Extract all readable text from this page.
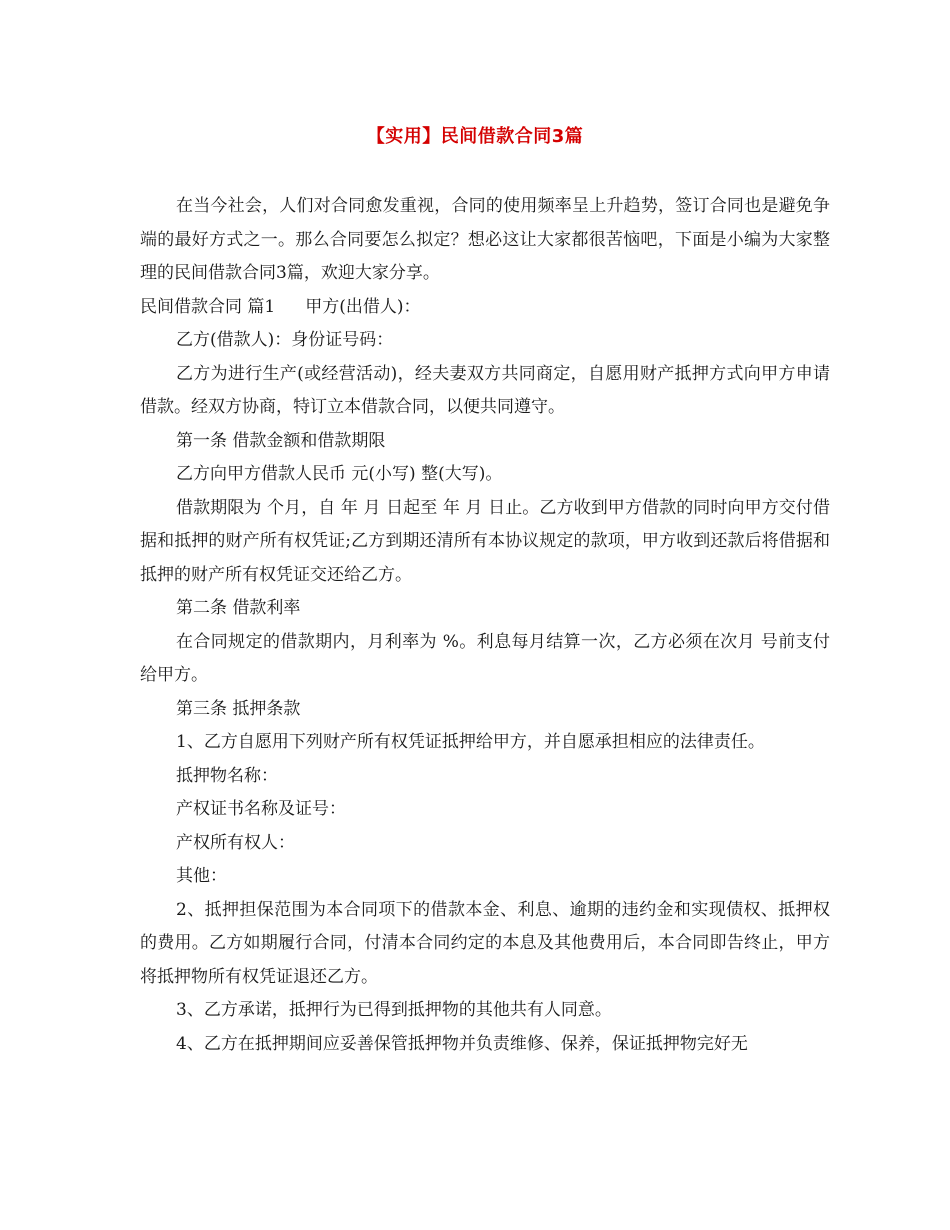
【实用】民间借款合同3篇

在当今社会，人们对合同愈发重视，合同的使用频率呈上升趋势，签订合同也是避免争端的最好方式之一。那么合同要怎么拟定？想必这让大家都很苦恼吧，下面是小编为大家整理的民间借款合同3篇，欢迎大家分享。

民间借款合同 篇1 甲方(出借人)：

乙方(借款人)：身份证号码：

乙方为进行生产(或经营活动)，经夫妻双方共同商定，自愿用财产抵押方式向甲方申请借款。经双方协商，特订立本借款合同，以便共同遵守。

第一条 借款金额和借款期限

乙方向甲方借款人民币 元(小写) 整(大写)。

借款期限为 个月，自 年 月 日起至 年 月 日止。乙方收到甲方借款的同时向甲方交付借据和抵押的财产所有权凭证;乙方到期还清所有本协议规定的款项，甲方收到还款后将借据和抵押的财产所有权凭证交还给乙方。

第二条 借款利率

在合同规定的借款期内，月利率为 %。利息每月结算一次，乙方必须在次月 号前支付给甲方。

第三条 抵押条款

1、乙方自愿用下列财产所有权凭证抵押给甲方，并自愿承担相应的法律责任。

抵押物名称：

产权证书名称及证号：

产权所有权人：

其他：

2、抵押担保范围为本合同项下的借款本金、利息、逾期的违约金和实现债权、抵押权的费用。乙方如期履行合同，付清本合同约定的本息及其他费用后，本合同即告终止，甲方将抵押物所有权凭证退还乙方。

3、乙方承诺，抵押行为已得到抵押物的其他共有人同意。

4、乙方在抵押期间应妥善保管抵押物并负责维修、保养，保证抵押物完好无
